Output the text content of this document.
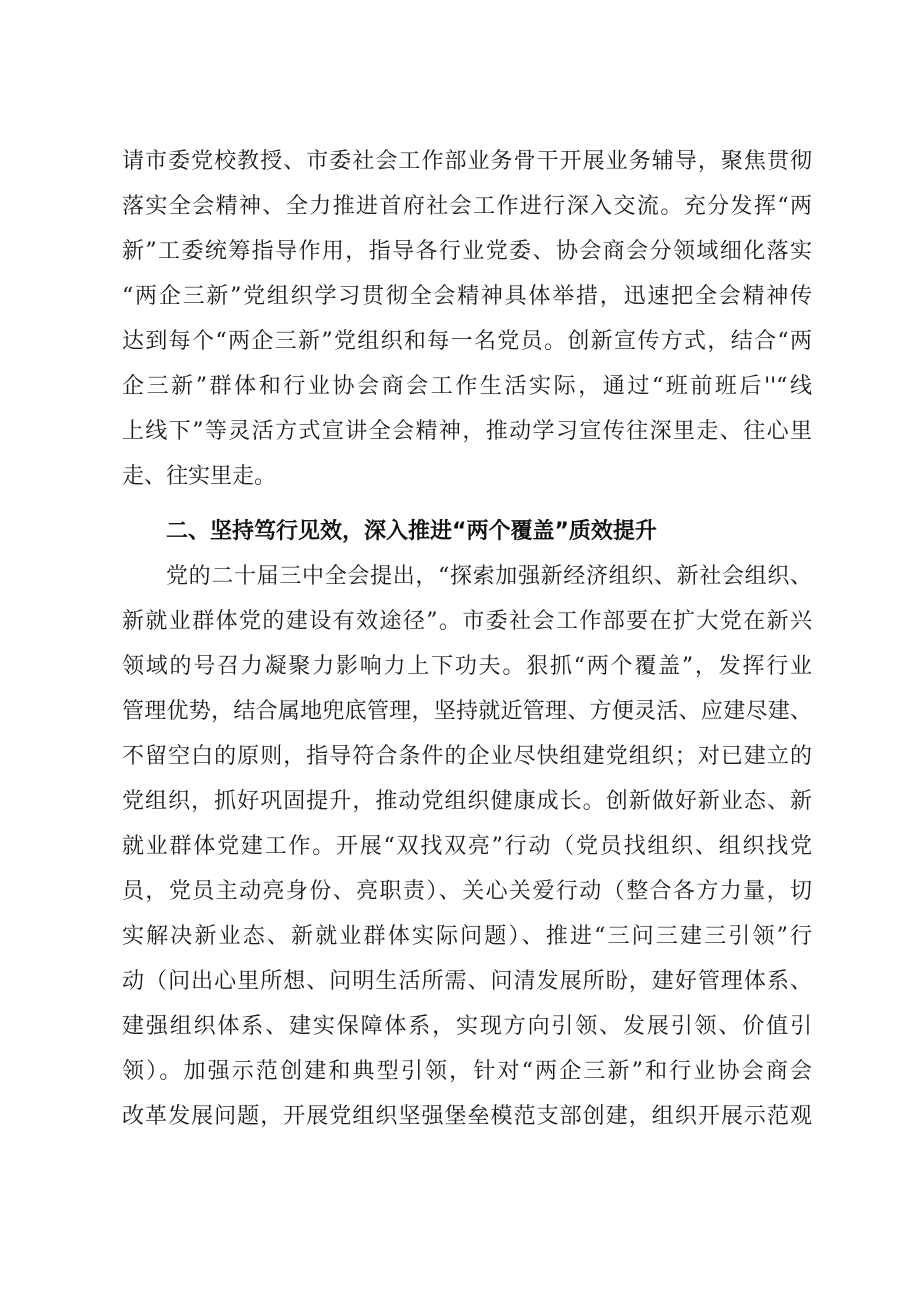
请市委党校教授、市委社会工作部业务骨干开展业务辅导，聚焦贯彻
落实全会精神、全力推进首府社会工作进行深入交流。充分发挥“两
新”工委统筹指导作用，指导各行业党委、协会商会分领域细化落实
“两企三新”党组织学习贯彻全会精神具体举措，迅速把全会精神传
达到每个“两企三新”党组织和每一名党员。创新宣传方式，结合“两
企三新”群体和行业协会商会工作生活实际，通过“班前班后''“线
上线下”等灵活方式宣讲全会精神，推动学习宣传往深里走、往心里
走、往实里走。
二、坚持笃行见效，深入推进“两个覆盖”质效提升
党的二十届三中全会提出，“探索加强新经济组织、新社会组织、
新就业群体党的建设有效途径”。市委社会工作部要在扩大党在新兴
领域的号召力凝聚力影响力上下功夫。狠抓“两个覆盖”，发挥行业
管理优势，结合属地兜底管理，坚持就近管理、方便灵活、应建尽建、
不留空白的原则，指导符合条件的企业尽快组建党组织；对已建立的
党组织，抓好巩固提升，推动党组织健康成长。创新做好新业态、新
就业群体党建工作。开展“双找双亮”行动（党员找组织、组织找党
员，党员主动亮身份、亮职责）、关心关爱行动（整合各方力量，切
实解决新业态、新就业群体实际问题）、推进“三问三建三引领”行
动（问出心里所想、问明生活所需、问清发展所盼，建好管理体系、
建强组织体系、建实保障体系，实现方向引领、发展引领、价值引
领）。加强示范创建和典型引领，针对“两企三新”和行业协会商会
改革发展问题，开展党组织坚强堡垒模范支部创建，组织开展示范观
